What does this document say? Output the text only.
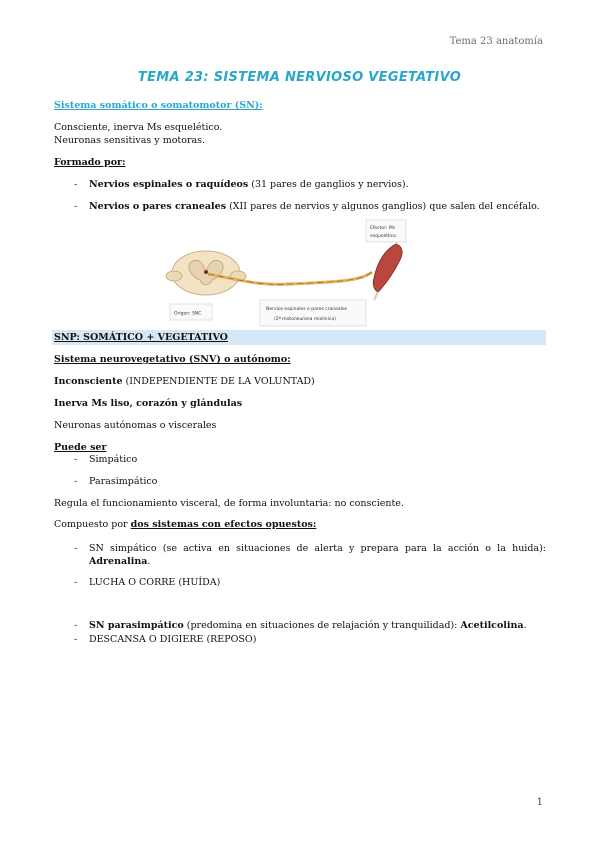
Tema 23 anatomía
TEMA 23: SISTEMA NERVIOSO VEGETATIVO
Sistema somático o somatomotor (SN):
Consciente, inerva Ms esquelético.
Neuronas sensitivas y motoras.
Formado por:
- Nervios espinales o raquídeos (31 pares de ganglios y nervios).
- Nervios o pares craneales (XII pares de nervios y algunos ganglios) que salen del encéfalo.
Origen: SNC
Nervios espinales o pares craneales
(2ª motoneurona mielínica)
Efector: Ms
esquelético
SNP: SOMÁTICO + VEGETATIVO
Sistema neurovegetativo (SNV) o autónomo:
Inconsciente (INDEPENDIENTE DE LA VOLUNTAD)
Inerva Ms liso, corazón y glándulas
Neuronas autónomas o viscerales
Puede ser
- Simpático
- Parasimpático
Regula el funcionamiento visceral, de forma involuntaria: no consciente.
Compuesto por dos sistemas con efectos opuestos:
- SN simpático (se activa en situaciones de alerta y prepara para la acción o la huida): Adrenalina.
- LUCHA O CORRE (HUÍDA)
- SN parasimpático (predomina en situaciones de relajación y tranquilidad): Acetilcolina.
- DESCANSA O DIGIERE (REPOSO)
1
